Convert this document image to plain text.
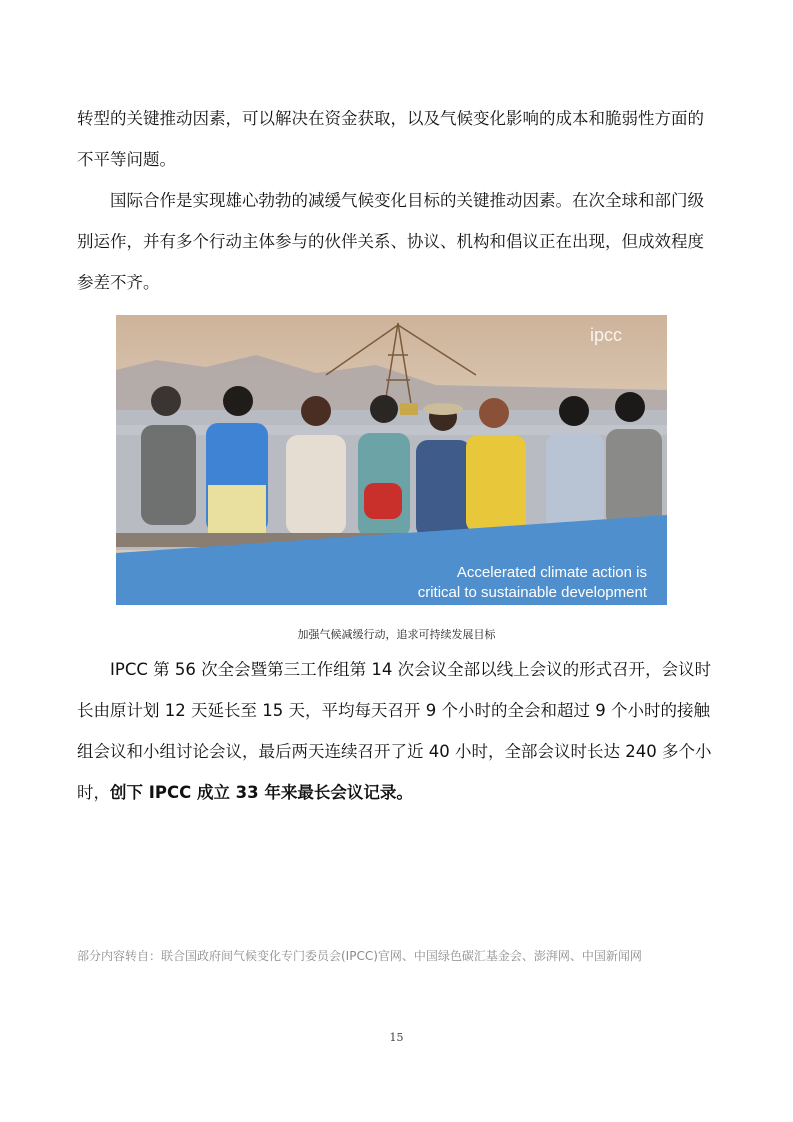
转型的关键推动因素，可以解决在资金获取，以及气候变化影响的成本和脆弱性方面的不平等问题。

国际合作是实现雄心勃勃的减缓气候变化目标的关键推动因素。在次全球和部门级别运作，并有多个行动主体参与的伙伴关系、协议、机构和倡议正在出现，但成效程度参差不齐。

ipcc
Accelerated climate action is
critical to sustainable development
加强气候减缓行动，追求可持续发展目标

IPCC 第 56 次全会暨第三工作组第 14 次会议全部以线上会议的形式召开，会议时长由原计划 12 天延长至 15 天，平均每天召开 9 个小时的全会和超过 9 个小时的接触组会议和小组讨论会议，最后两天连续召开了近 40 小时，全部会议时长达 240 多个小时，创下 IPCC 成立 33 年来最长会议记录。

部分内容转自：联合国政府间气候变化专门委员会(IPCC)官网、中国绿色碳汇基金会、澎湃网、中国新闻网
15
